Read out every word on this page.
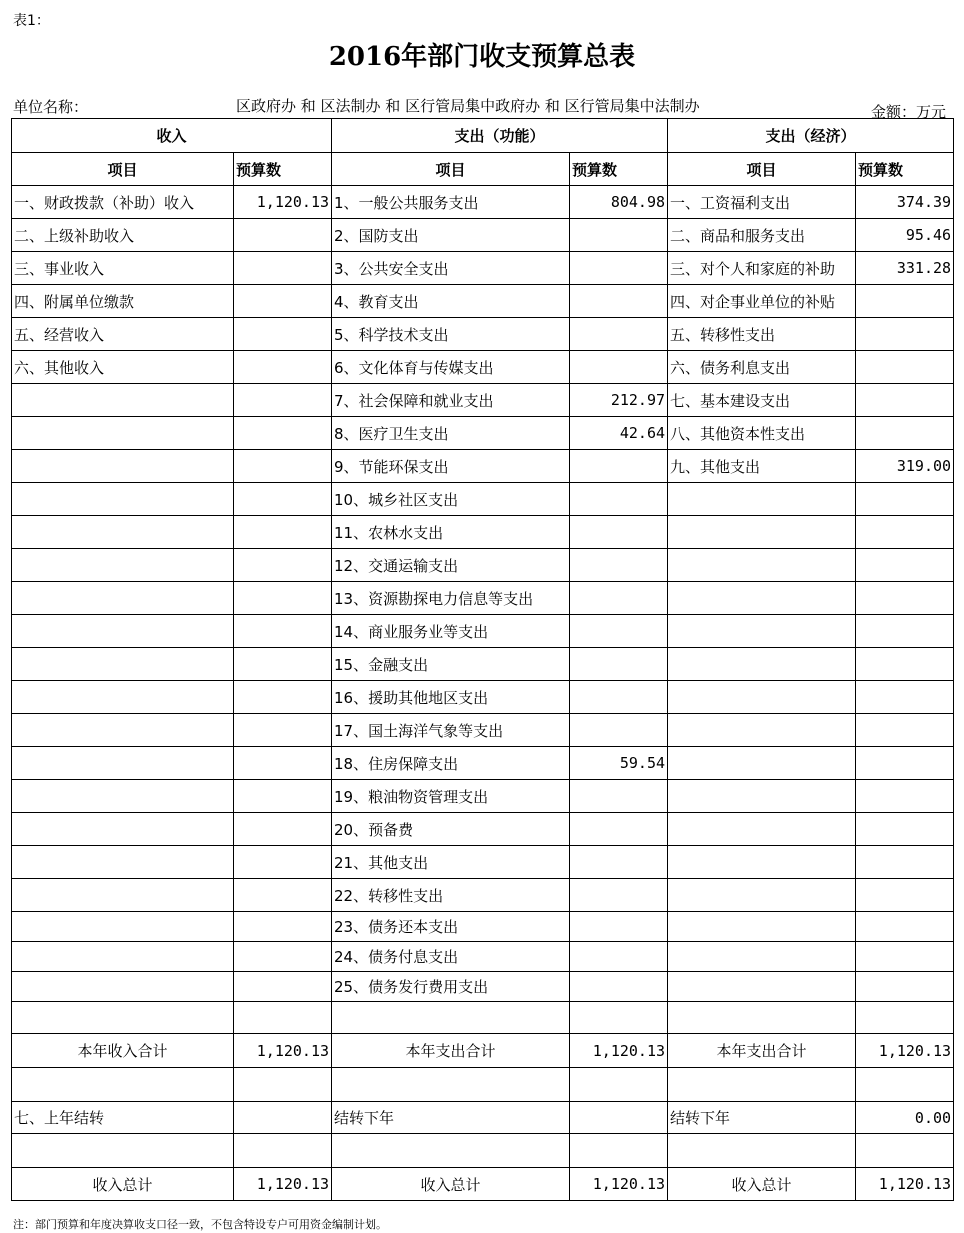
表1：
2016年部门收支预算总表
单位名称：	区政府办 和 区法制办 和 区行管局集中政府办 和 区行管局集中法制办	金额：万元
收入		支出（功能）		支出（经济）	
项目	预算数	项目	预算数	项目	预算数
一、财政拨款（补助）收入	1,120.13	1、一般公共服务支出	804.98	一、工资福利支出	374.39
二、上级补助收入		2、国防支出		二、商品和服务支出	95.46
三、事业收入		3、公共安全支出		三、对个人和家庭的补助	331.28
四、附属单位缴款		4、教育支出		四、对企事业单位的补贴	
五、经营收入		5、科学技术支出		五、转移性支出	
六、其他收入		6、文化体育与传媒支出		六、债务利息支出	
		7、社会保障和就业支出	212.97	七、基本建设支出	
		8、医疗卫生支出	42.64	八、其他资本性支出	
		9、节能环保支出		九、其他支出	319.00
		10、城乡社区支出			
		11、农林水支出			
		12、交通运输支出			
		13、资源勘探电力信息等支出			
		14、商业服务业等支出			
		15、金融支出			
		16、援助其他地区支出			
		17、国土海洋气象等支出			
		18、住房保障支出	59.54		
		19、粮油物资管理支出			
		20、预备费			
		21、其他支出			
		22、转移性支出			
		23、债务还本支出			
		24、债务付息支出			
		25、债务发行费用支出			

本年收入合计	1,120.13	本年支出合计	1,120.13	本年支出合计	1,120.13

七、上年结转		结转下年		结转下年	0.00

收入总计	1,120.13	收入总计	1,120.13	收入总计	1,120.13
注：部门预算和年度决算收支口径一致，不包含特设专户可用资金编制计划。
